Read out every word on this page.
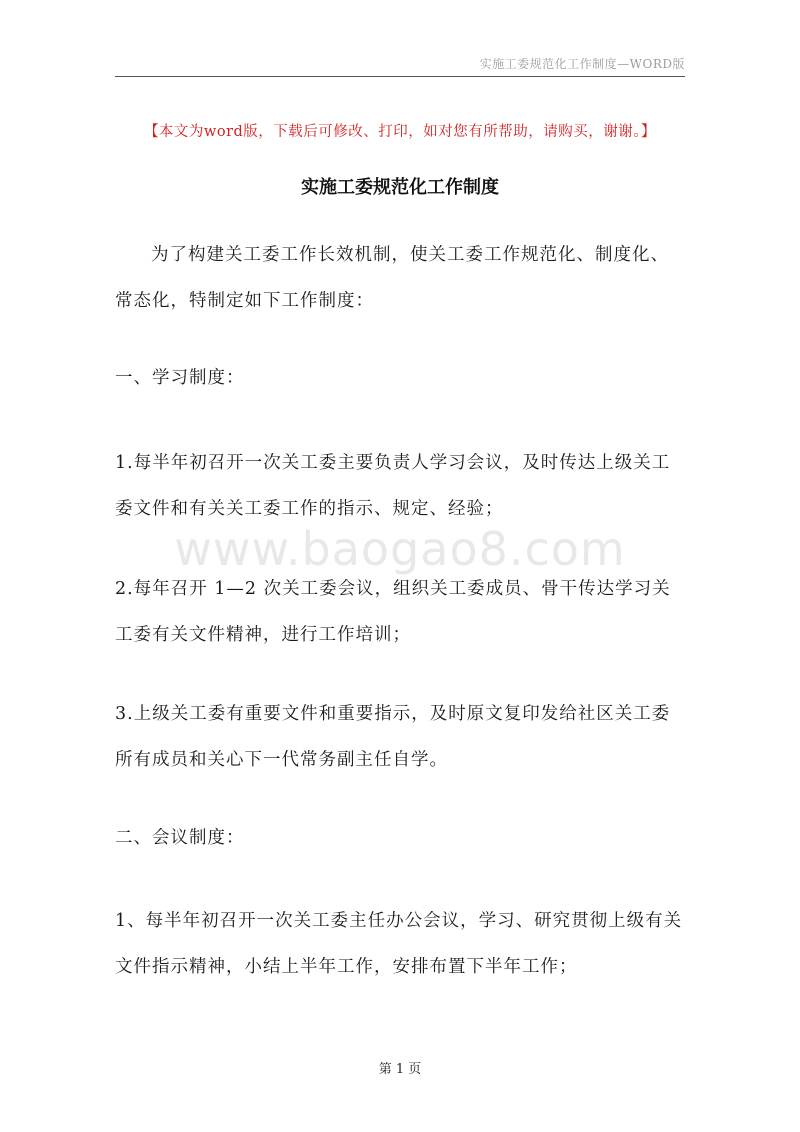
实施工委规范化工作制度—WORD版
【本文为word版，下载后可修改、打印，如对您有所帮助，请购买，谢谢。】
实施工委规范化工作制度
为了构建关工委工作长效机制，使关工委工作规范化、制度化、常态化，特制定如下工作制度：
一、学习制度：
1.每半年初召开一次关工委主要负责人学习会议，及时传达上级关工委文件和有关关工委工作的指示、规定、经验；
2.每年召开 1—2 次关工委会议，组织关工委成员、骨干传达学习关工委有关文件精神，进行工作培训；
3.上级关工委有重要文件和重要指示，及时原文复印发给社区关工委所有成员和关心下一代常务副主任自学。
二、会议制度：
1、每半年初召开一次关工委主任办公会议，学习、研究贯彻上级有关文件指示精神，小结上半年工作，安排布置下半年工作；
www.baogao8.com
第 1 页
